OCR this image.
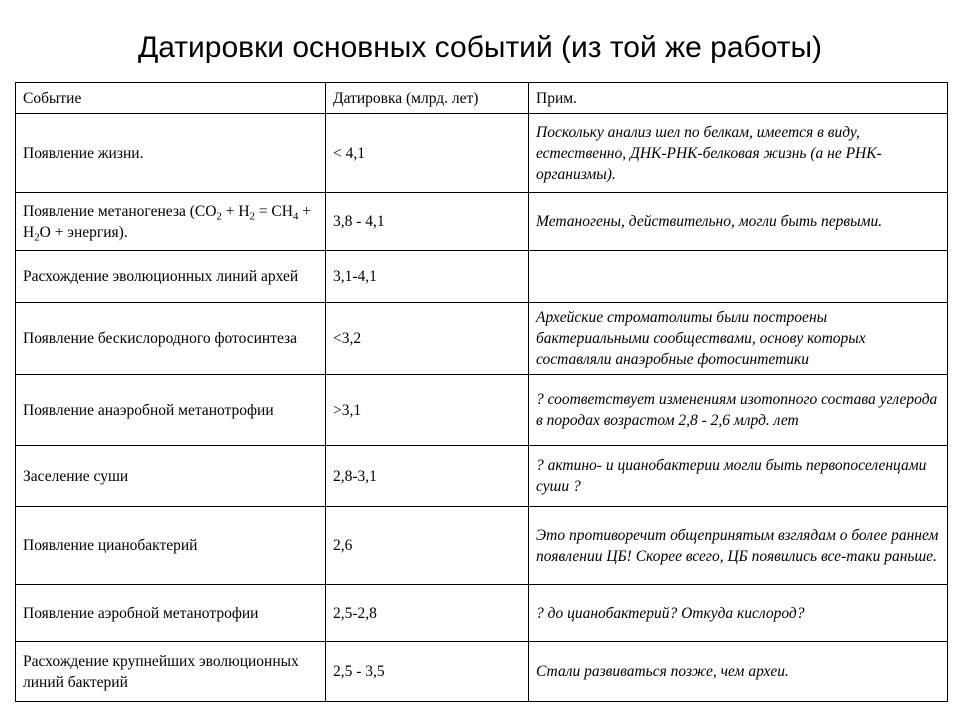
Датировки основных событий (из той же работы)
Событие	Датировка (млрд. лет)	Прим.
Появление жизни.	< 4,1	Поскольку анализ шел по белкам, имеется в виду, естественно, ДНК-РНК-белковая жизнь (а не РНК-организмы).
Появление метаногенеза ($CO_2 + H_2 = CH_4 + H_2O$ + энергия).	3,8 - 4,1	Метаногены, действительно, могли быть первыми.
Расхождение эволюционных линий архей	3,1-4,1	
Появление бескислородного фотосинтеза	<3,2	Архейские строматолиты были построены бактериальными сообществами, основу которых составляли анаэробные фотосинтетики
Появление анаэробной метанотрофии	>3,1	? соответствует изменениям изотопного состава углерода в породах возрастом 2,8 - 2,6 млрд. лет
Заселение суши	2,8-3,1	? актино- и цианобактерии могли быть первопоселенцами суши ?
Появление цианобактерий	2,6	Это противоречит общепринятым взглядам о более раннем появлении ЦБ! Скорее всего, ЦБ появились все-таки раньше.
Появление аэробной метанотрофии	2,5-2,8	? до цианобактерий? Откуда кислород?
Расхождение крупнейших эволюционных линий бактерий	2,5 - 3,5	Стали развиваться позже, чем археи.
